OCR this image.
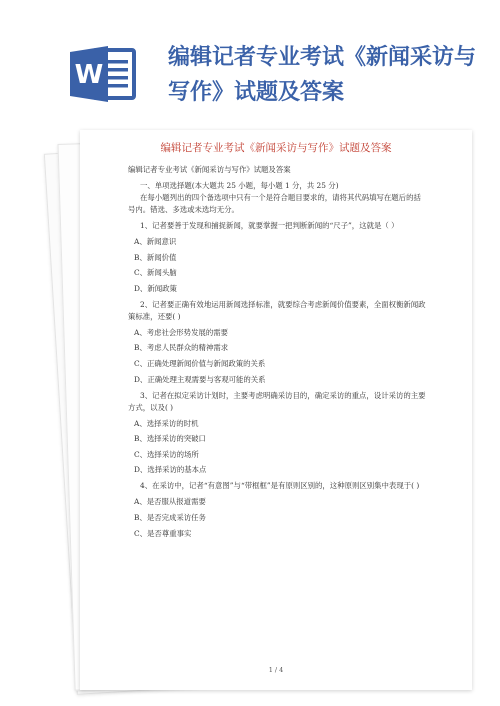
W
编辑记者专业考试《新闻采访与写作》试题及答案
编辑记者专业考试《新闻采访与写作》试题及答案

编辑记者专业考试《新闻采访与写作》试题及答案

一、单项选择题(本大题共 25 小题，每小题 1 分，共 25 分)

在每小题列出的四个备选项中只有一个是符合题目要求的，请将其代码填写在题后的括号内。错选、多选或未选均无分。

1、记者要善于发现和捕捉新闻，就要掌握一把判断新闻的“尺子”，这就是（ ）

A、新闻意识

B、新闻价值

C、新闻头脑

D、新闻政策

2、记者要正确有效地运用新闻选择标准，就要综合考虑新闻价值要素，全面权衡新闻政策标准，还要( )

A、考虑社会形势发展的需要

B、考虑人民群众的精神需求

C、正确处理新闻价值与新闻政策的关系

D、正确处理主观需要与客观可能的关系

3、记者在拟定采访计划时，主要考虑明确采访目的，确定采访的重点，设计采访的主要方式，以及( )

A、选择采访的时机

B、选择采访的突破口

C、选择采访的场所

D、选择采访的基本点

4、在采访中，记者“有意图”与“带框框”是有原则区别的，这种原则区别集中表现于( )

A、是否服从报道需要

B、是否完成采访任务

C、是否尊重事实

1 / 4
